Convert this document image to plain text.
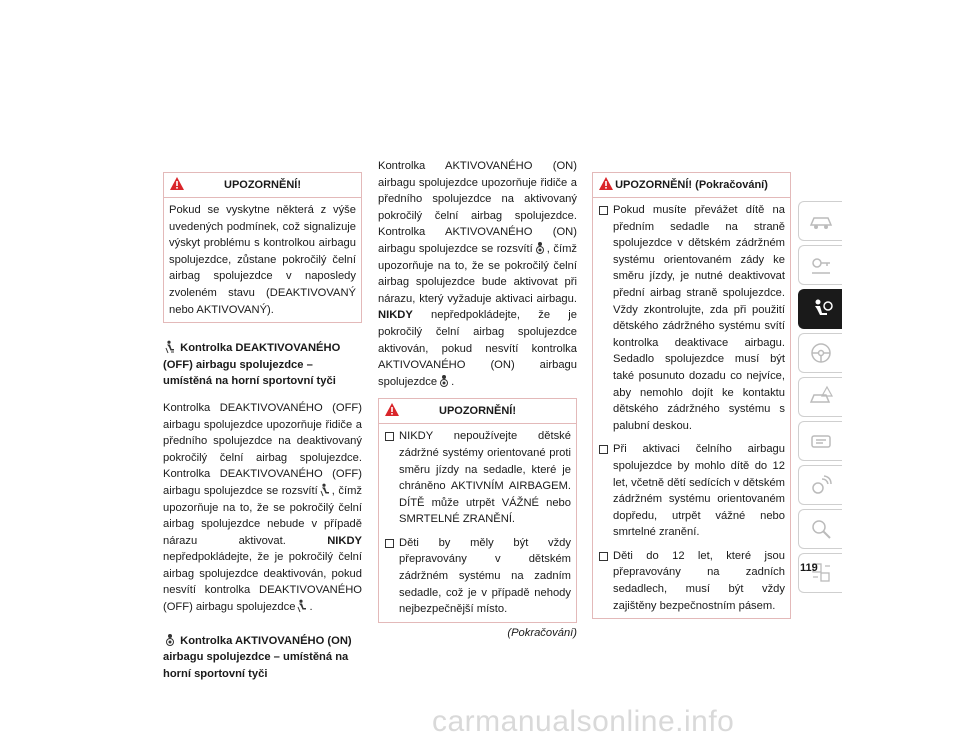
UPOZORNĚNÍ!

Pokud se vyskytne některá z výše uvedených podmínek, což signalizuje výskyt problému s kontrolkou airbagu spolujezdce, zůstane pokročilý čelní airbag spolujezdce v naposledy zvoleném stavu (DEAKTIVOVANÝ nebo AKTIVOVANÝ).

Kontrolka DEAKTIVOVANÉHO (OFF) airbagu spolujezdce – umístěná na horní sportovní tyči

Kontrolka DEAKTIVOVANÉHO (OFF) airbagu spolujezdce upozorňuje řidiče a předního spolujezdce na deaktivovaný pokročilý čelní airbag spolujezdce. Kontrolka DEAKTIVOVANÉHO (OFF) airbagu spolujezdce se rozsvítí , čímž upozorňuje na to, že se pokročilý čelní airbag spolujezdce nebude v případě nárazu aktivovat.	NIKDY nepředpokládejte, že je pokročilý čelní airbag spolujezdce deaktivován, pokud nesvítí kontrolka DEAKTIVOVANÉHO (OFF) airbagu spolujezdce .

Kontrolka AKTIVOVANÉHO (ON) airbagu spolujezdce – umístěná na horní sportovní tyči

Kontrolka AKTIVOVANÉHO (ON) airbagu spolujezdce upozorňuje řidiče a předního spolujezdce na aktivovaný pokročilý čelní airbag spolujezdce. Kontrolka AKTIVOVANÉHO (ON) airbagu spolujezdce se rozsvítí , čímž upozorňuje na to, že se pokročilý čelní airbag spolujezdce bude aktivovat při nárazu, který vyžaduje aktivaci airbagu. NIKDY nepředpokládejte, že je pokročilý čelní airbag spolujezdce aktivován, pokud nesvítí kontrolka AKTIVOVANÉHO (ON) airbagu spolujezdce .

UPOZORNĚNÍ!
NIKDY nepoužívejte dětské zádržné systémy orientované proti směru jízdy na sedadle, které je chráněno AKTIVNÍM AIRBAGEM. DÍTĚ může utrpět VÁŽNÉ nebo SMRTELNÉ ZRANĚNÍ.
Děti by měly být vždy přepravovány v dětském zádržném systému na zadním sedadle, což je v případě nehody nejbezpečnější místo.

(Pokračování)

UPOZORNĚNÍ! (Pokračování)
Pokud musíte převážet dítě na předním sedadle na straně spolujezdce v dětském zádržném systému orientovaném zády ke směru jízdy, je nutné deaktivovat přední airbag straně spolujezdce. Vždy zkontrolujte, zda při použití dětského zádržného systému svítí kontrolka deaktivace airbagu. Sedadlo spolujezdce musí být také posunuto dozadu co nejvíce, aby nemohlo dojít ke kontaktu dětského zádržného systému s palubní deskou.
Při aktivaci čelního airbagu spolujezdce by mohlo dítě do 12 let, včetně dětí sedících v dětském zádržném systému orientovaném dopředu, utrpět vážné nebo smrtelné zranění.
Děti do 12 let, které jsou přepravovány na zadních sedadlech, musí být vždy zajištěny bezpečnostním pásem.
119
carmanualsonline.info
